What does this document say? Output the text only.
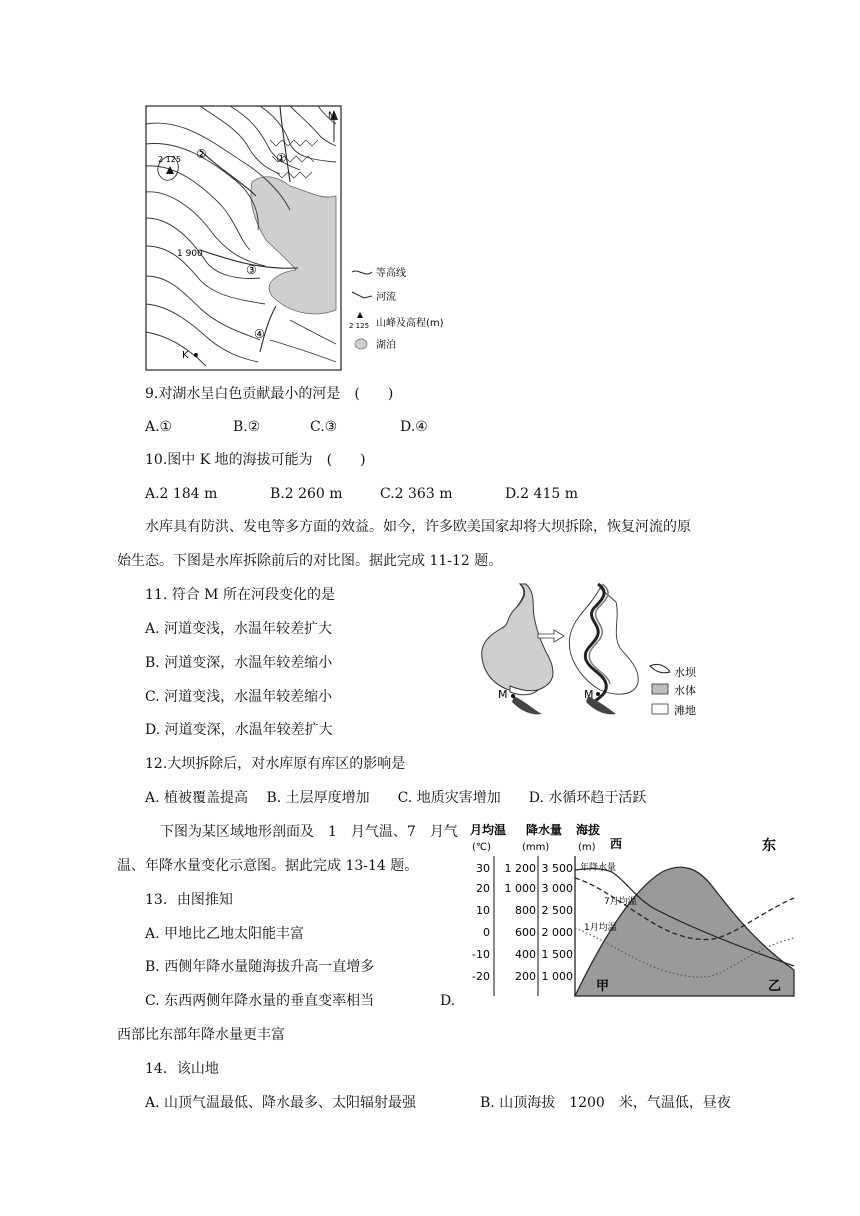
N
2 125
1 900
②	①
③
④
K
等高线
河流
2 125 山峰及高程(m)
湖泊
9.对湖水呈白色贡献最小的河是　(　　)
A.①	B.②	C.③	D.④
10.图中 K 地的海拔可能为　(　　)
A.2 184 m	B.2 260 m	C.2 363 m	D.2 415 m
水库具有防洪、发电等多方面的效益。如今，许多欧美国家却将大坝拆除，恢复河流的原
始生态。下图是水库拆除前后的对比图。据此完成 11-12 题。
11. 符合 M 所在河段变化的是
A. 河道变浅，水温年较差扩大
B. 河道变深，水温年较差缩小
C. 河道变浅，水温年较差缩小
D. 河道变深，水温年较差扩大
M	M
水坝
水体
滩地
12.大坝拆除后，对水库原有库区的影响是
A. 植被覆盖提高 　B. 土层厚度增加　　C. 地质灾害增加　　D. 水循环趋于活跃
下图为某区域地形剖面及　1　月气温、7　月气
温、年降水量变化示意图。据此完成 13-14 题。
13．由图推知
A. 甲地比乙地太阳能丰富
B. 西侧年降水量随海拔升高一直增多
C. 东西两侧年降水量的垂直变率相当	D.
西部比东部年降水量更丰富
月均温 降水量 海拔
西	东
(℃)	(mm)	(m)
30
20
10
0
-10
-20
1 200
1 000
800
600
400
200
3 500
3 000
2 500
2 000
1 500
1 000
年降水量
7月均温
1月均温
甲	乙
14．该山地
A. 山顶气温最低、降水最多、太阳辐射最强	B. 山顶海拔　1200　米，气温低，昼夜
